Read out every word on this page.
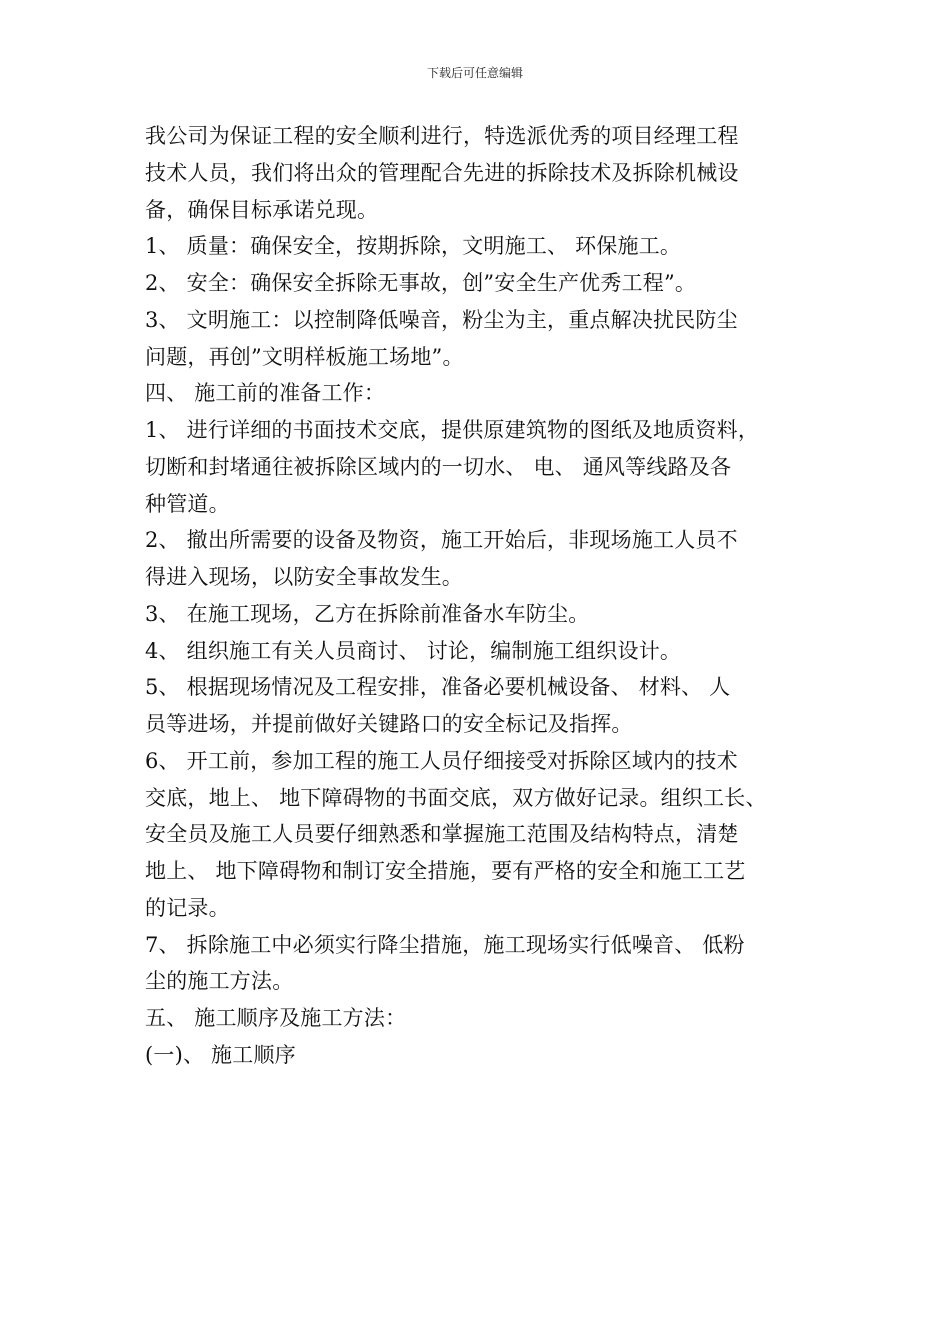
下载后可任意编辑
我公司为保证工程的安全顺利进行，特选派优秀的项目经理工程
技术人员，我们将出众的管理配合先进的拆除技术及拆除机械设
备，确保目标承诺兑现。
1、 质量：确保安全，按期拆除，文明施工、 环保施工。
2、 安全：确保安全拆除无事故，创”安全生产优秀工程”。
3、 文明施工：以控制降低噪音，粉尘为主，重点解决扰民防尘
问题，再创”文明样板施工场地”。
四、 施工前的准备工作：
1、 进行详细的书面技术交底，提供原建筑物的图纸及地质资料，
切断和封堵通往被拆除区域内的一切水、 电、 通风等线路及各
种管道。
2、 撤出所需要的设备及物资，施工开始后，非现场施工人员不
得进入现场，以防安全事故发生。
3、 在施工现场，乙方在拆除前准备水车防尘。
4、 组织施工有关人员商讨、 讨论，编制施工组织设计。
5、 根据现场情况及工程安排，准备必要机械设备、 材料、 人
员等进场，并提前做好关键路口的安全标记及指挥。
6、 开工前，参加工程的施工人员仔细接受对拆除区域内的技术
交底，地上、 地下障碍物的书面交底，双方做好记录。组织工长、
安全员及施工人员要仔细熟悉和掌握施工范围及结构特点，清楚
地上、 地下障碍物和制订安全措施，要有严格的安全和施工工艺
的记录。
7、 拆除施工中必须实行降尘措施，施工现场实行低噪音、 低粉
尘的施工方法。
五、 施工顺序及施工方法：
(一)、 施工顺序
